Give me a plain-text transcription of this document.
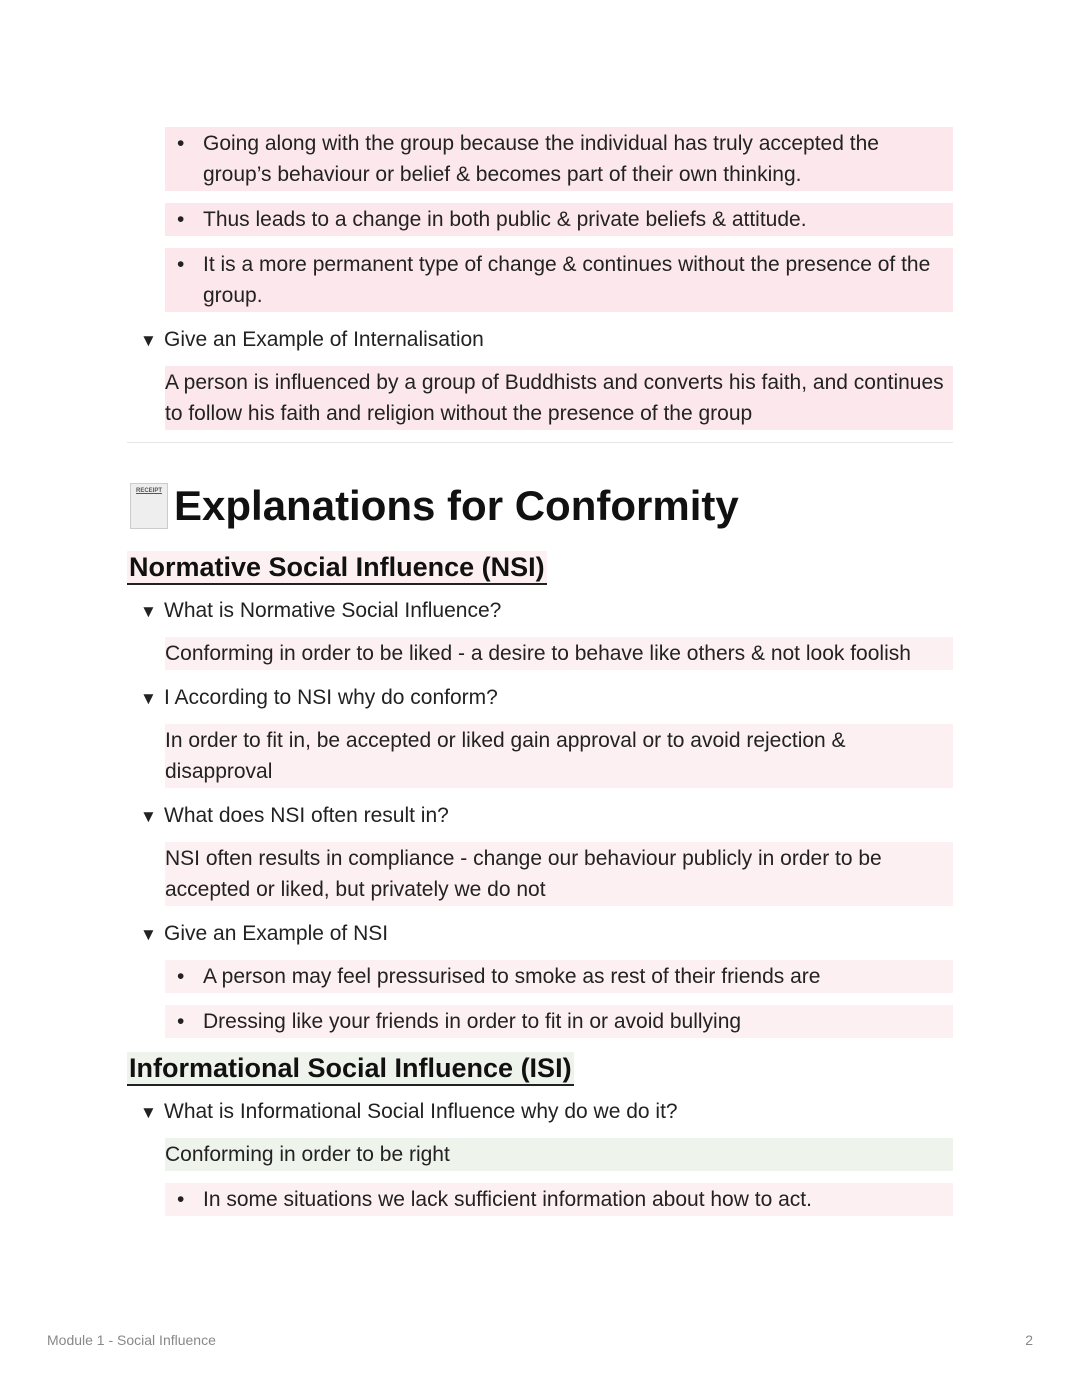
• Going along with the group because the individual has truly accepted the group’s behaviour or belief & becomes part of their own thinking.
• Thus leads to a change in both public & private beliefs & attitude.
• It is a more permanent type of change & continues without the presence of the group.
▼ Give an Example of Internalisation
A person is influenced by a group of Buddhists and converts his faith, and continues to follow his faith and religion without the presence of the group
RECEIPT Explanations for Conformity
Normative Social Influence (NSI)
▼ What is Normative Social Influence?
Conforming in order to be liked - a desire to behave like others & not look foolish
▼ I According to NSI why do conform?
In order to fit in, be accepted or liked gain approval or to avoid rejection & disapproval
▼ What does NSI often result in?
NSI often results in compliance - change our behaviour publicly in order to be accepted or liked, but privately we do not
▼ Give an Example of NSI
• A person may feel pressurised to smoke as rest of their friends are
• Dressing like your friends in order to fit in or avoid bullying
Informational Social Influence (ISI)
▼ What is Informational Social Influence why do we do it?
Conforming in order to be right
• In some situations we lack sufficient information about how to act.
Module 1 - Social Influence	2
